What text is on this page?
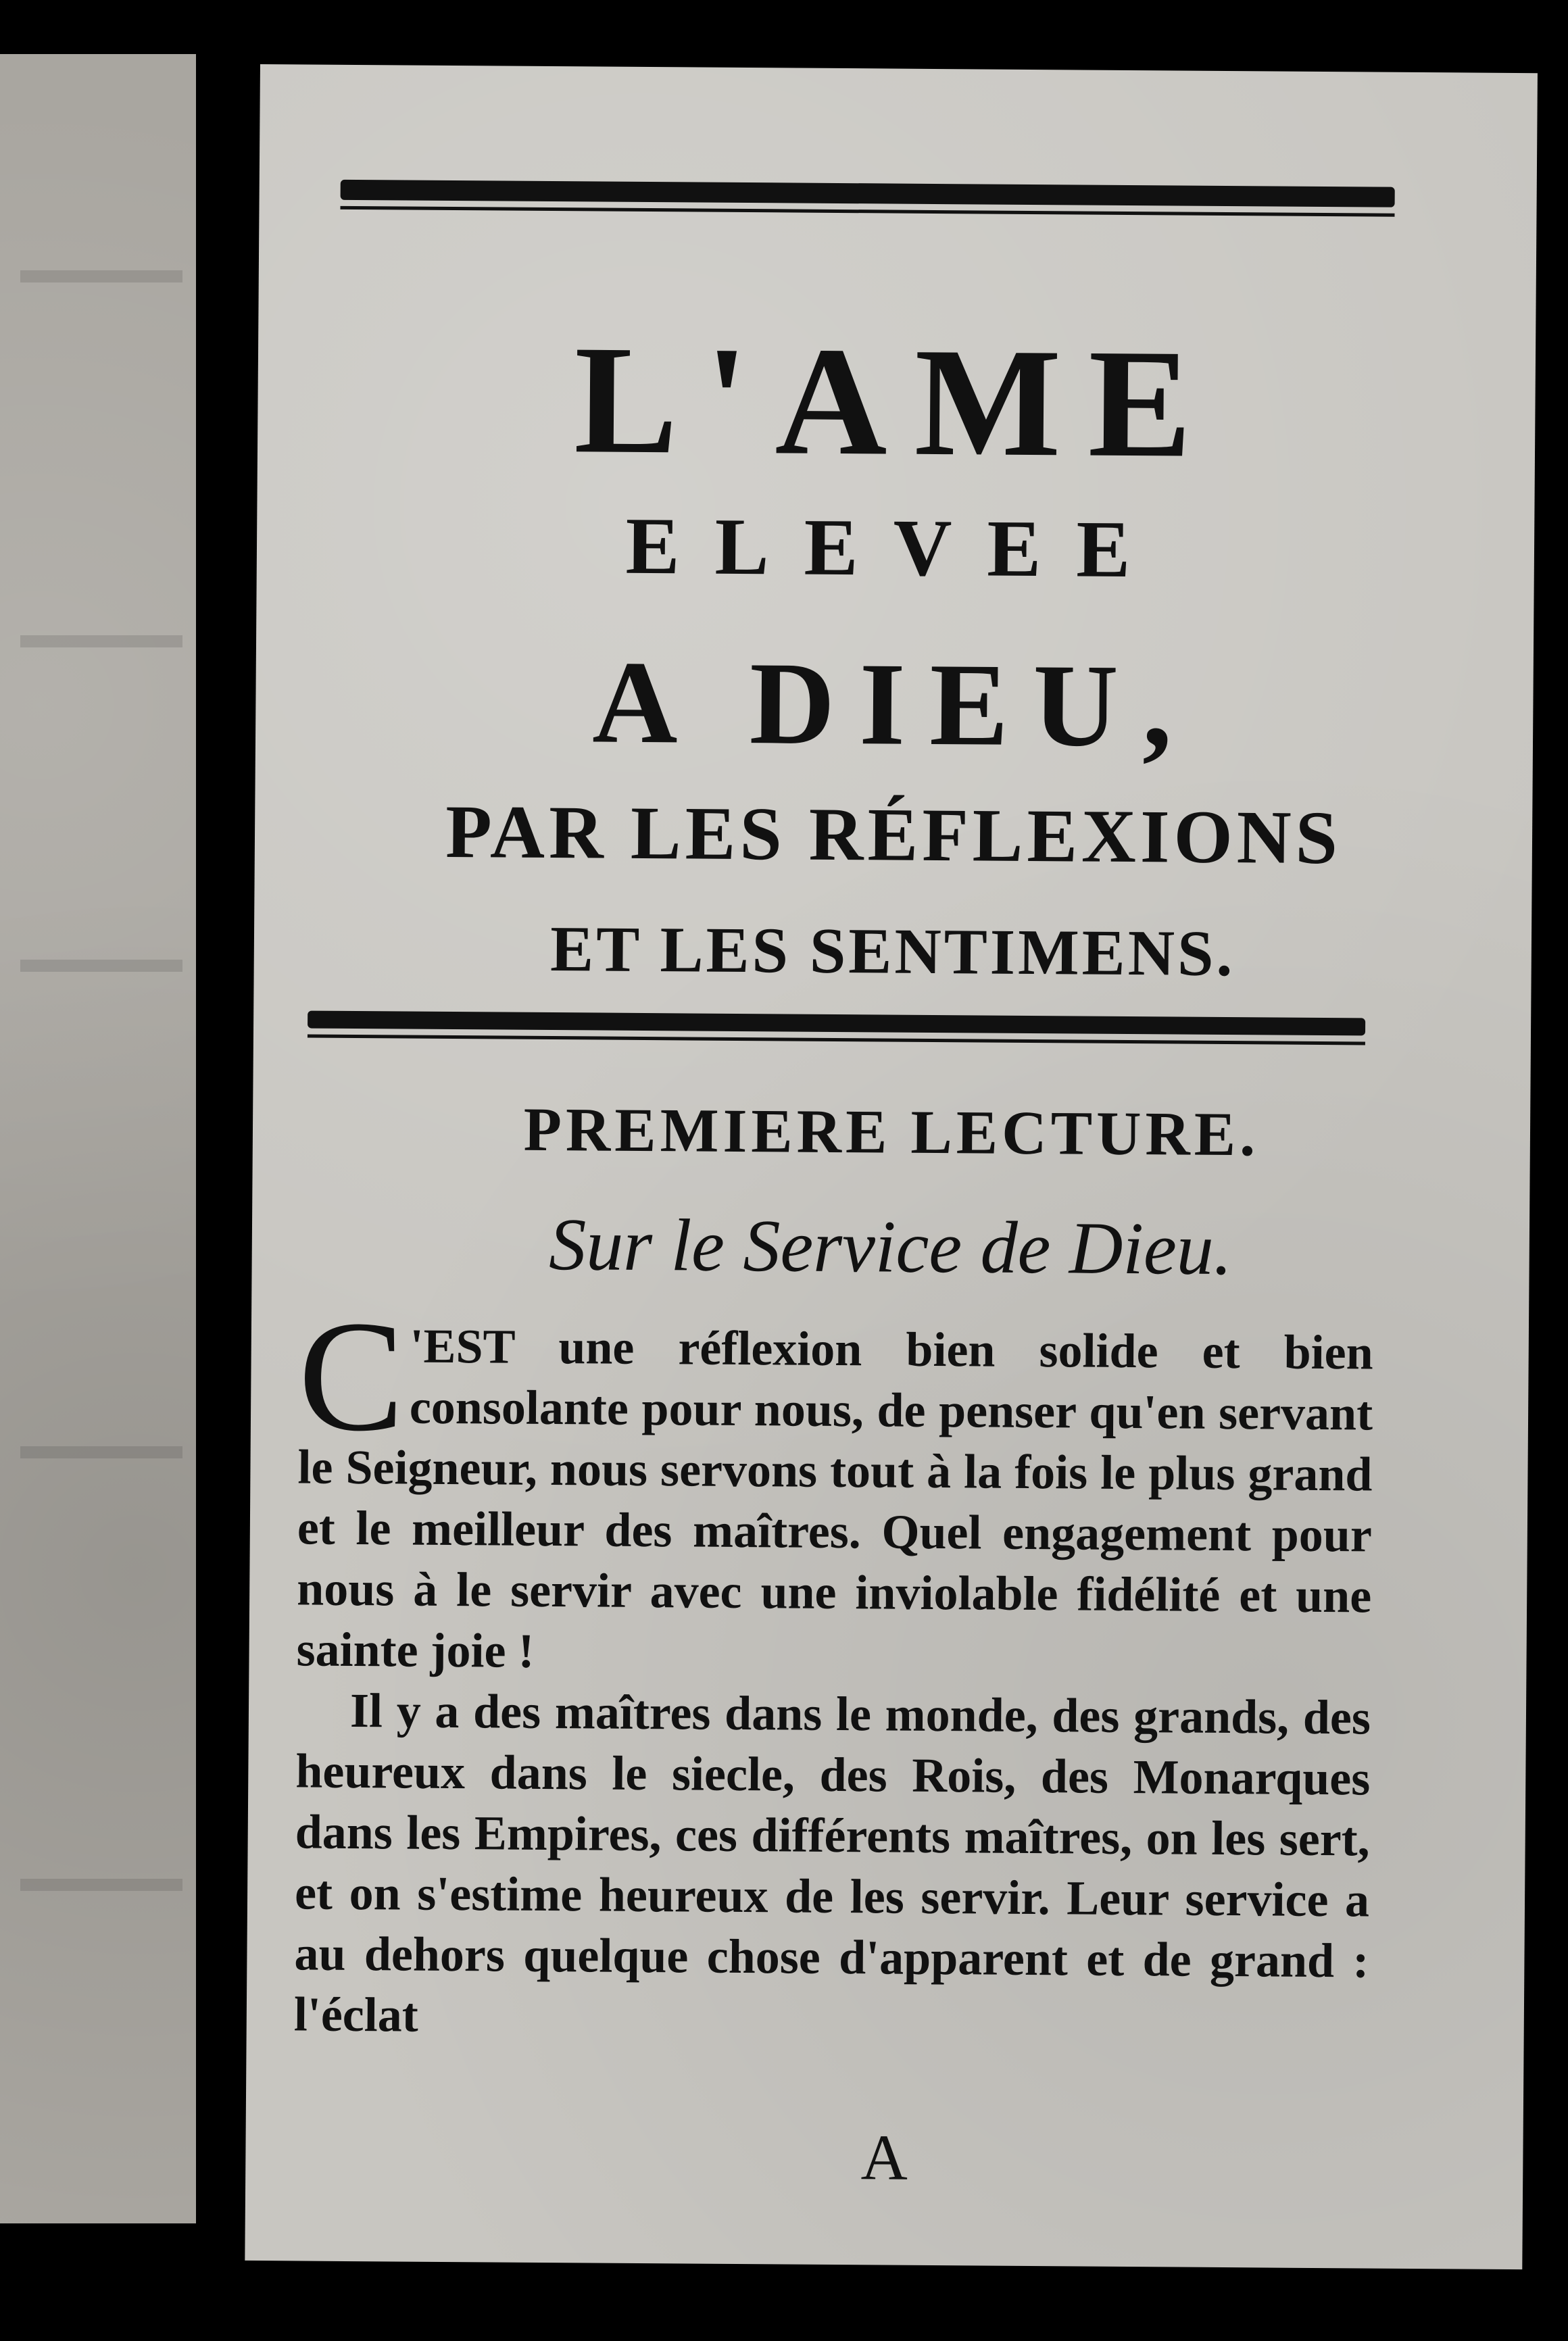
L'AME
ELEVEE
A DIEU,
PAR LES RÉFLEXIONS
ET LES SENTIMENS.
PREMIERE LECTURE.
Sur le Service de Dieu.

C 'EST une réflexion bien solide et bien consolante pour nous, de penser qu'en servant le Seigneur, nous servons tout à la fois le plus grand et le meilleur des maîtres. Quel engagement pour nous à le servir avec une inviolable fidélité et une sainte joie !

Il y a des maîtres dans le monde, des grands, des heureux dans le siecle, des Rois, des Monarques dans les Empires, ces différents maîtres, on les sert, et on s'estime heureux de les servir. Leur service a au dehors quelque chose d'apparent et de grand : l'éclat

A
